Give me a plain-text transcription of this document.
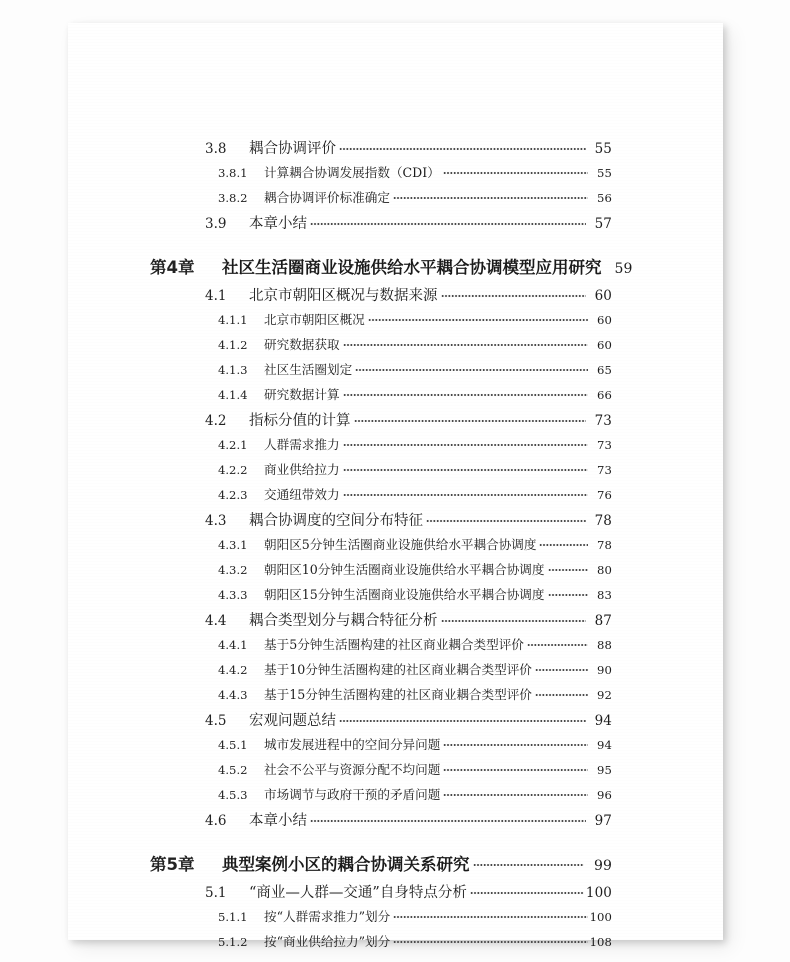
3.8	耦合协调评价	55
3.8.1	计算耦合协调发展指数（CDI）	55
3.8.2	耦合协调评价标准确定	56
3.9	本章小结	57
第4章	社区生活圈商业设施供给水平耦合协调模型应用研究 59
4.1	北京市朝阳区概况与数据来源	60
4.1.1	北京市朝阳区概况	60
4.1.2	研究数据获取	60
4.1.3	社区生活圈划定	65
4.1.4	研究数据计算	66
4.2	指标分值的计算	73
4.2.1	人群需求推力	73
4.2.2	商业供给拉力	73
4.2.3	交通纽带效力	76
4.3	耦合协调度的空间分布特征	78
4.3.1	朝阳区5分钟生活圈商业设施供给水平耦合协调度	78
4.3.2	朝阳区10分钟生活圈商业设施供给水平耦合协调度	80
4.3.3	朝阳区15分钟生活圈商业设施供给水平耦合协调度	83
4.4	耦合类型划分与耦合特征分析	87
4.4.1	基于5分钟生活圈构建的社区商业耦合类型评价	88
4.4.2	基于10分钟生活圈构建的社区商业耦合类型评价	90
4.4.3	基于15分钟生活圈构建的社区商业耦合类型评价	92
4.5	宏观问题总结	94
4.5.1	城市发展进程中的空间分异问题	94
4.5.2	社会不公平与资源分配不均问题	95
4.5.3	市场调节与政府干预的矛盾问题	96
4.6	本章小结	97
第5章	典型案例小区的耦合协调关系研究	99
5.1	“商业—人群—交通”自身特点分析	100
5.1.1	按“人群需求推力”划分	100
5.1.2	按“商业供给拉力”划分	108
